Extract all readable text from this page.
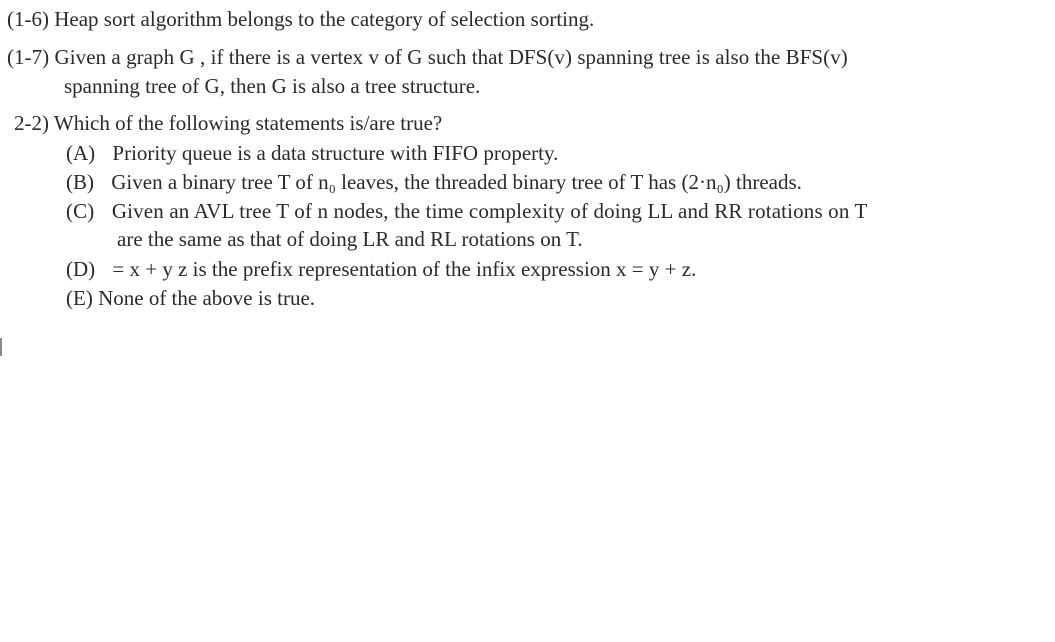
(1-6) Heap sort algorithm belongs to the category of selection sorting.
(1-7) Given a graph G , if there is a vertex v of G such that DFS(v) spanning tree is also the BFS(v)
spanning tree of G, then G is also a tree structure.
2-2) Which of the following statements is/are true?
(A) Priority queue is a data structure with FIFO property.
(B) Given a binary tree T of n₀ leaves, the threaded binary tree of T has (2·n₀) threads.
(C) Given an AVL tree T of n nodes, the time complexity of doing LL and RR rotations on T
are the same as that of doing LR and RL rotations on T.
(D) = x + y z is the prefix representation of the infix expression x = y + z.
(E) None of the above is true.
